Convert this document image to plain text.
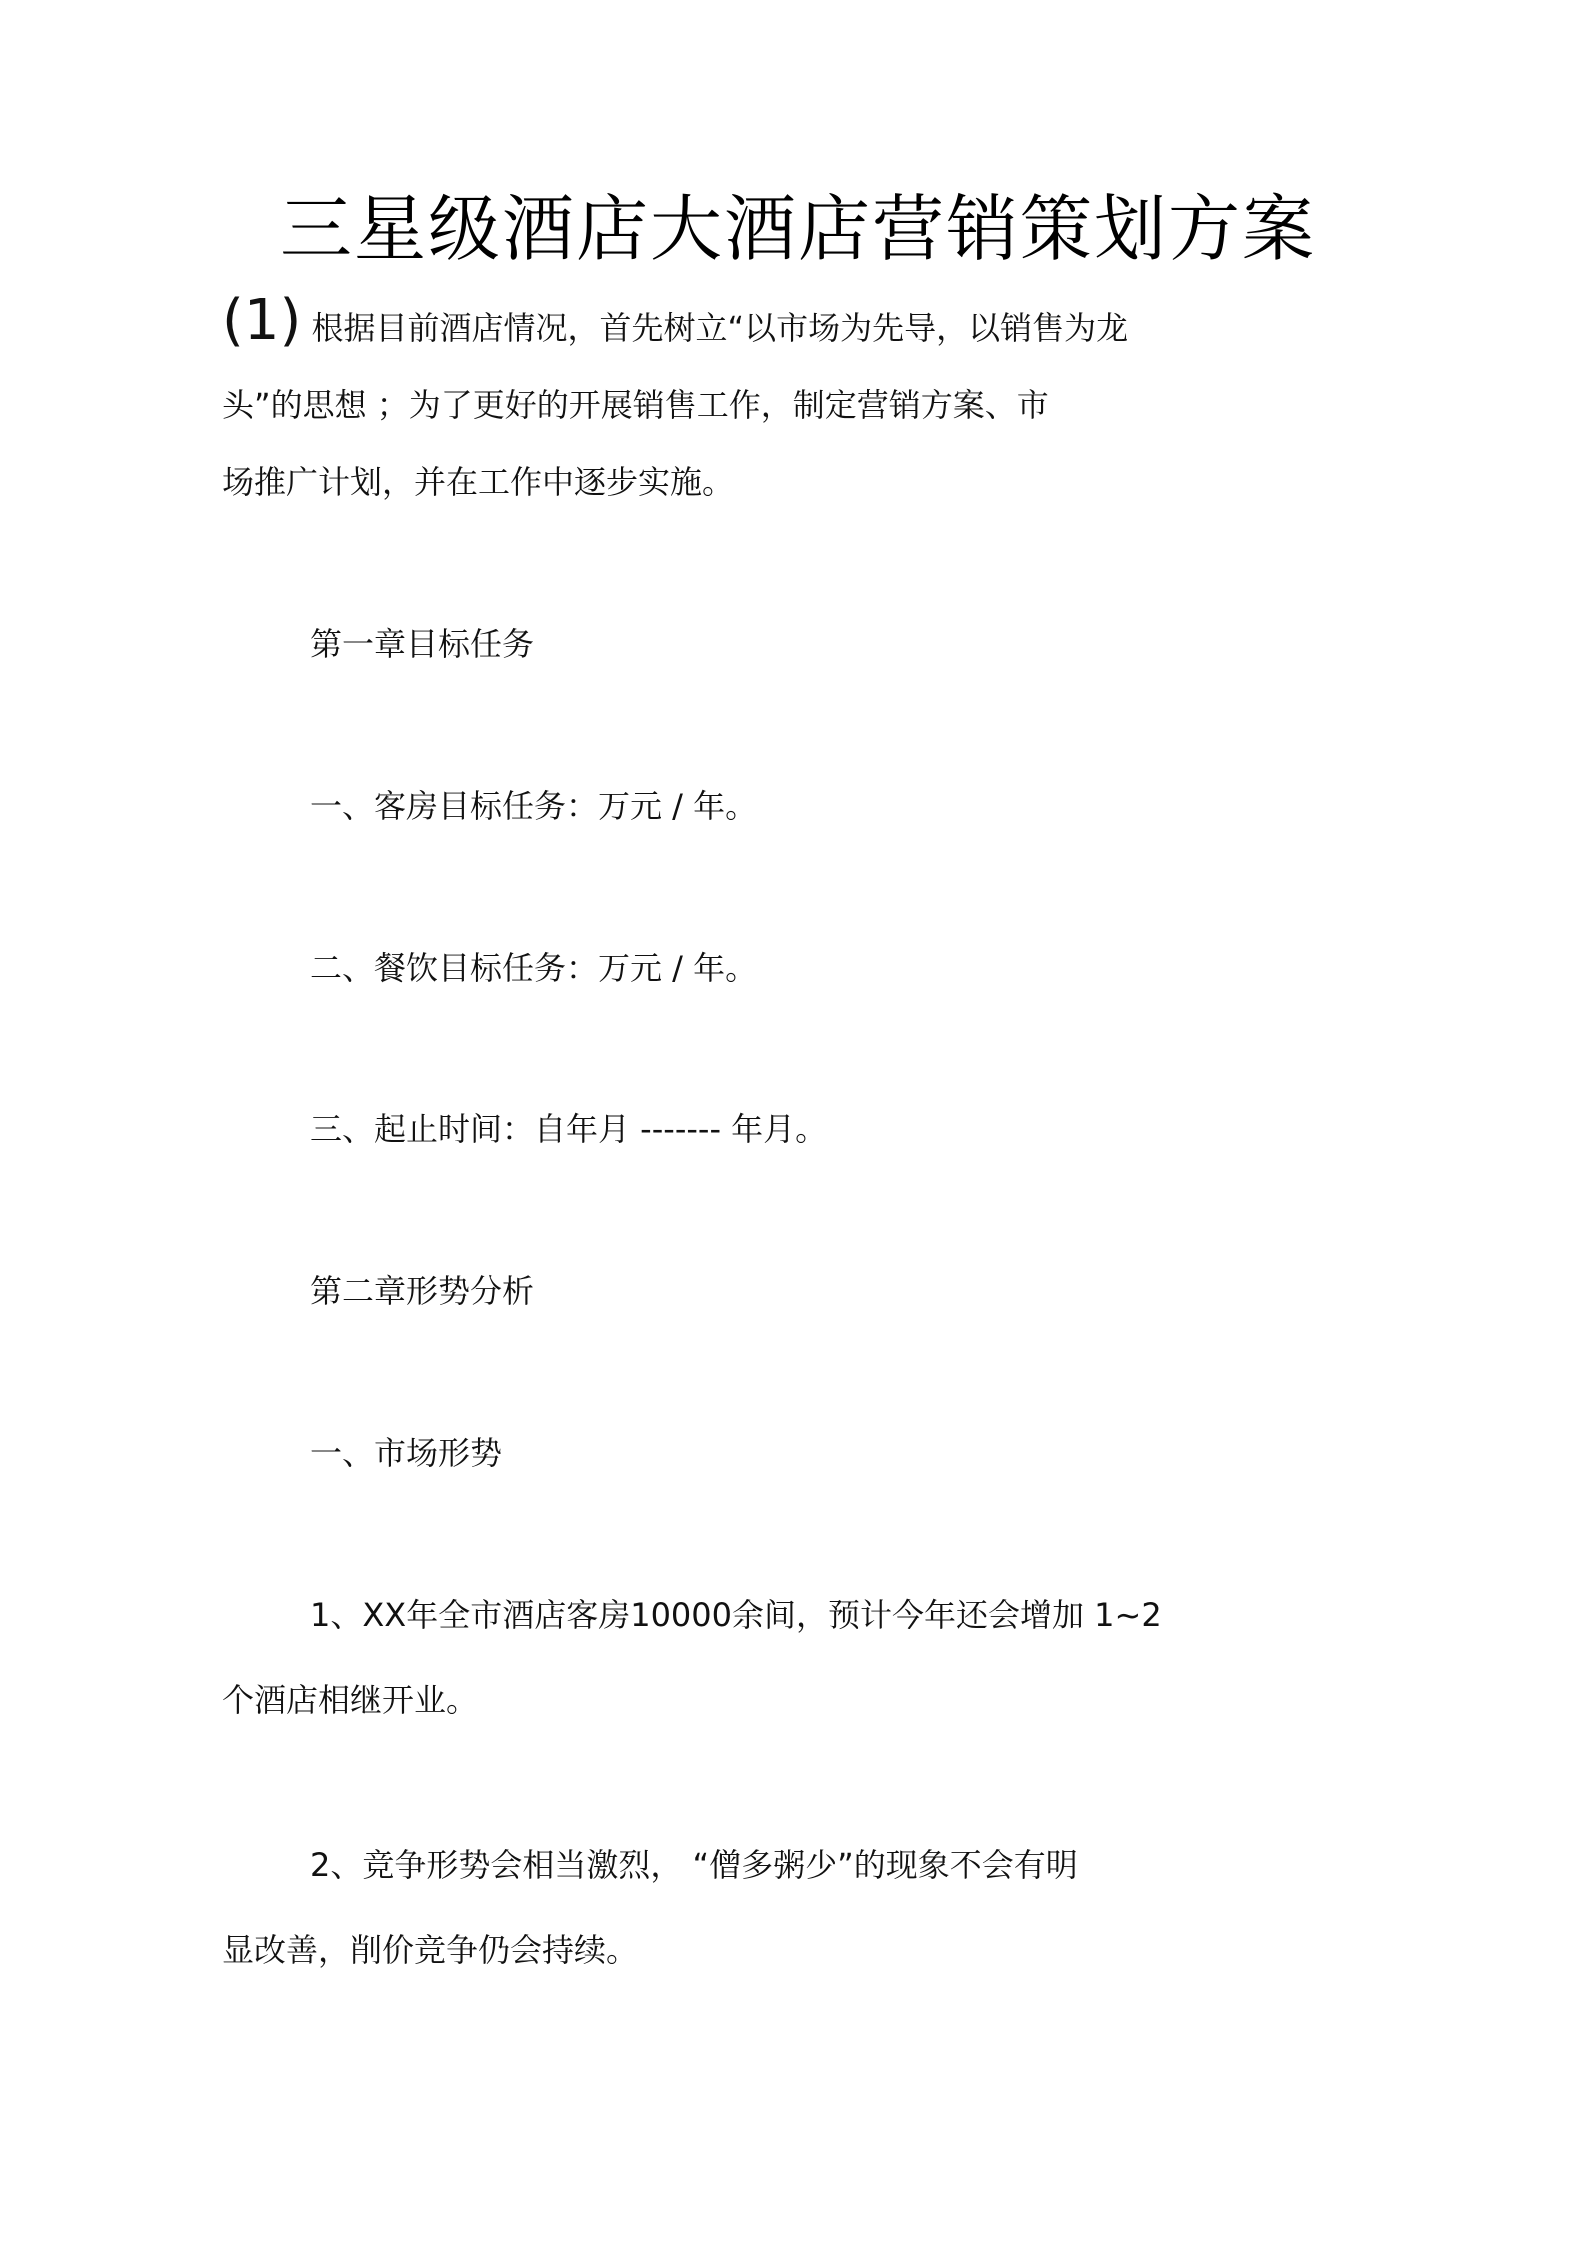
三星级酒店大酒店营销策划方案
(1) 根据目前酒店情况，首先树立“以市场为先导，以销售为龙
头”的思想 ；为了更好的开展销售工作，制定营销方案、市
场推广计划，并在工作中逐步实施。
第一章目标任务
一、客房目标任务：万元 / 年。
二、餐饮目标任务：万元 / 年。
三、起止时间：自年月 ------- 年月。
第二章形势分析
一、市场形势
1、XX年全市酒店客房10000余间，预计今年还会增加 1~2
个酒店相继开业。
2、竞争形势会相当激烈， “僧多粥少”的现象不会有明
显改善，削价竞争仍会持续。
